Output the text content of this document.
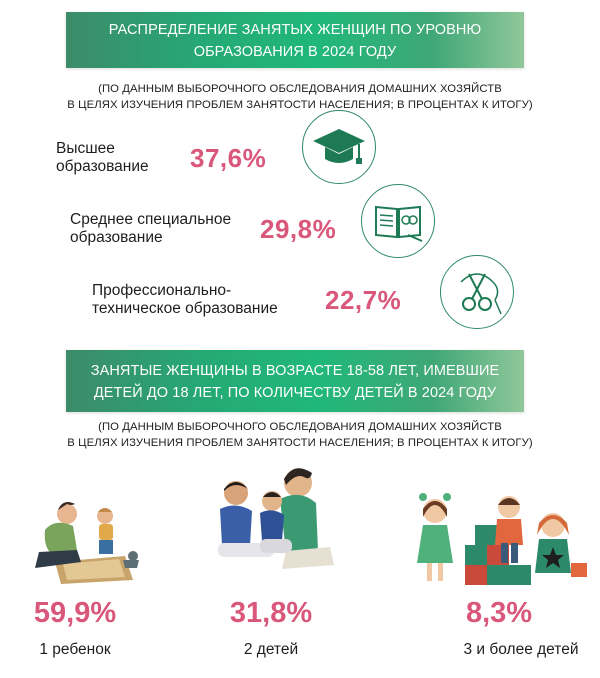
РАСПРЕДЕЛЕНИЕ ЗАНЯТЫХ ЖЕНЩИН ПО УРОВНЮ
ОБРАЗОВАНИЯ В 2024 ГОДУ
(ПО ДАННЫМ ВЫБОРОЧНОГО ОБСЛЕДОВАНИЯ ДОМАШНИХ ХОЗЯЙСТВ
В ЦЕЛЯХ ИЗУЧЕНИЯ ПРОБЛЕМ ЗАНЯТОСТИ НАСЕЛЕНИЯ; В ПРОЦЕНТАХ К ИТОГУ)
Высшее
образование 37,6%
Среднее специальное
образование	29,8%
Профессионально-
техническое образование 22,7%
ЗАНЯТЫЕ ЖЕНЩИНЫ В ВОЗРАСТЕ 18-58 ЛЕТ, ИМЕВШИЕ
ДЕТЕЙ ДО 18 ЛЕТ, ПО КОЛИЧЕСТВУ ДЕТЕЙ В 2024 ГОДУ
(ПО ДАННЫМ ВЫБОРОЧНОГО ОБСЛЕДОВАНИЯ ДОМАШНИХ ХОЗЯЙСТВ
В ЦЕЛЯХ ИЗУЧЕНИЯ ПРОБЛЕМ ЗАНЯТОСТИ НАСЕЛЕНИЯ; В ПРОЦЕНТАХ К ИТОГУ)
59,9%
1 ребенок
31,8%
2 детей
8,3%
3 и более детей
